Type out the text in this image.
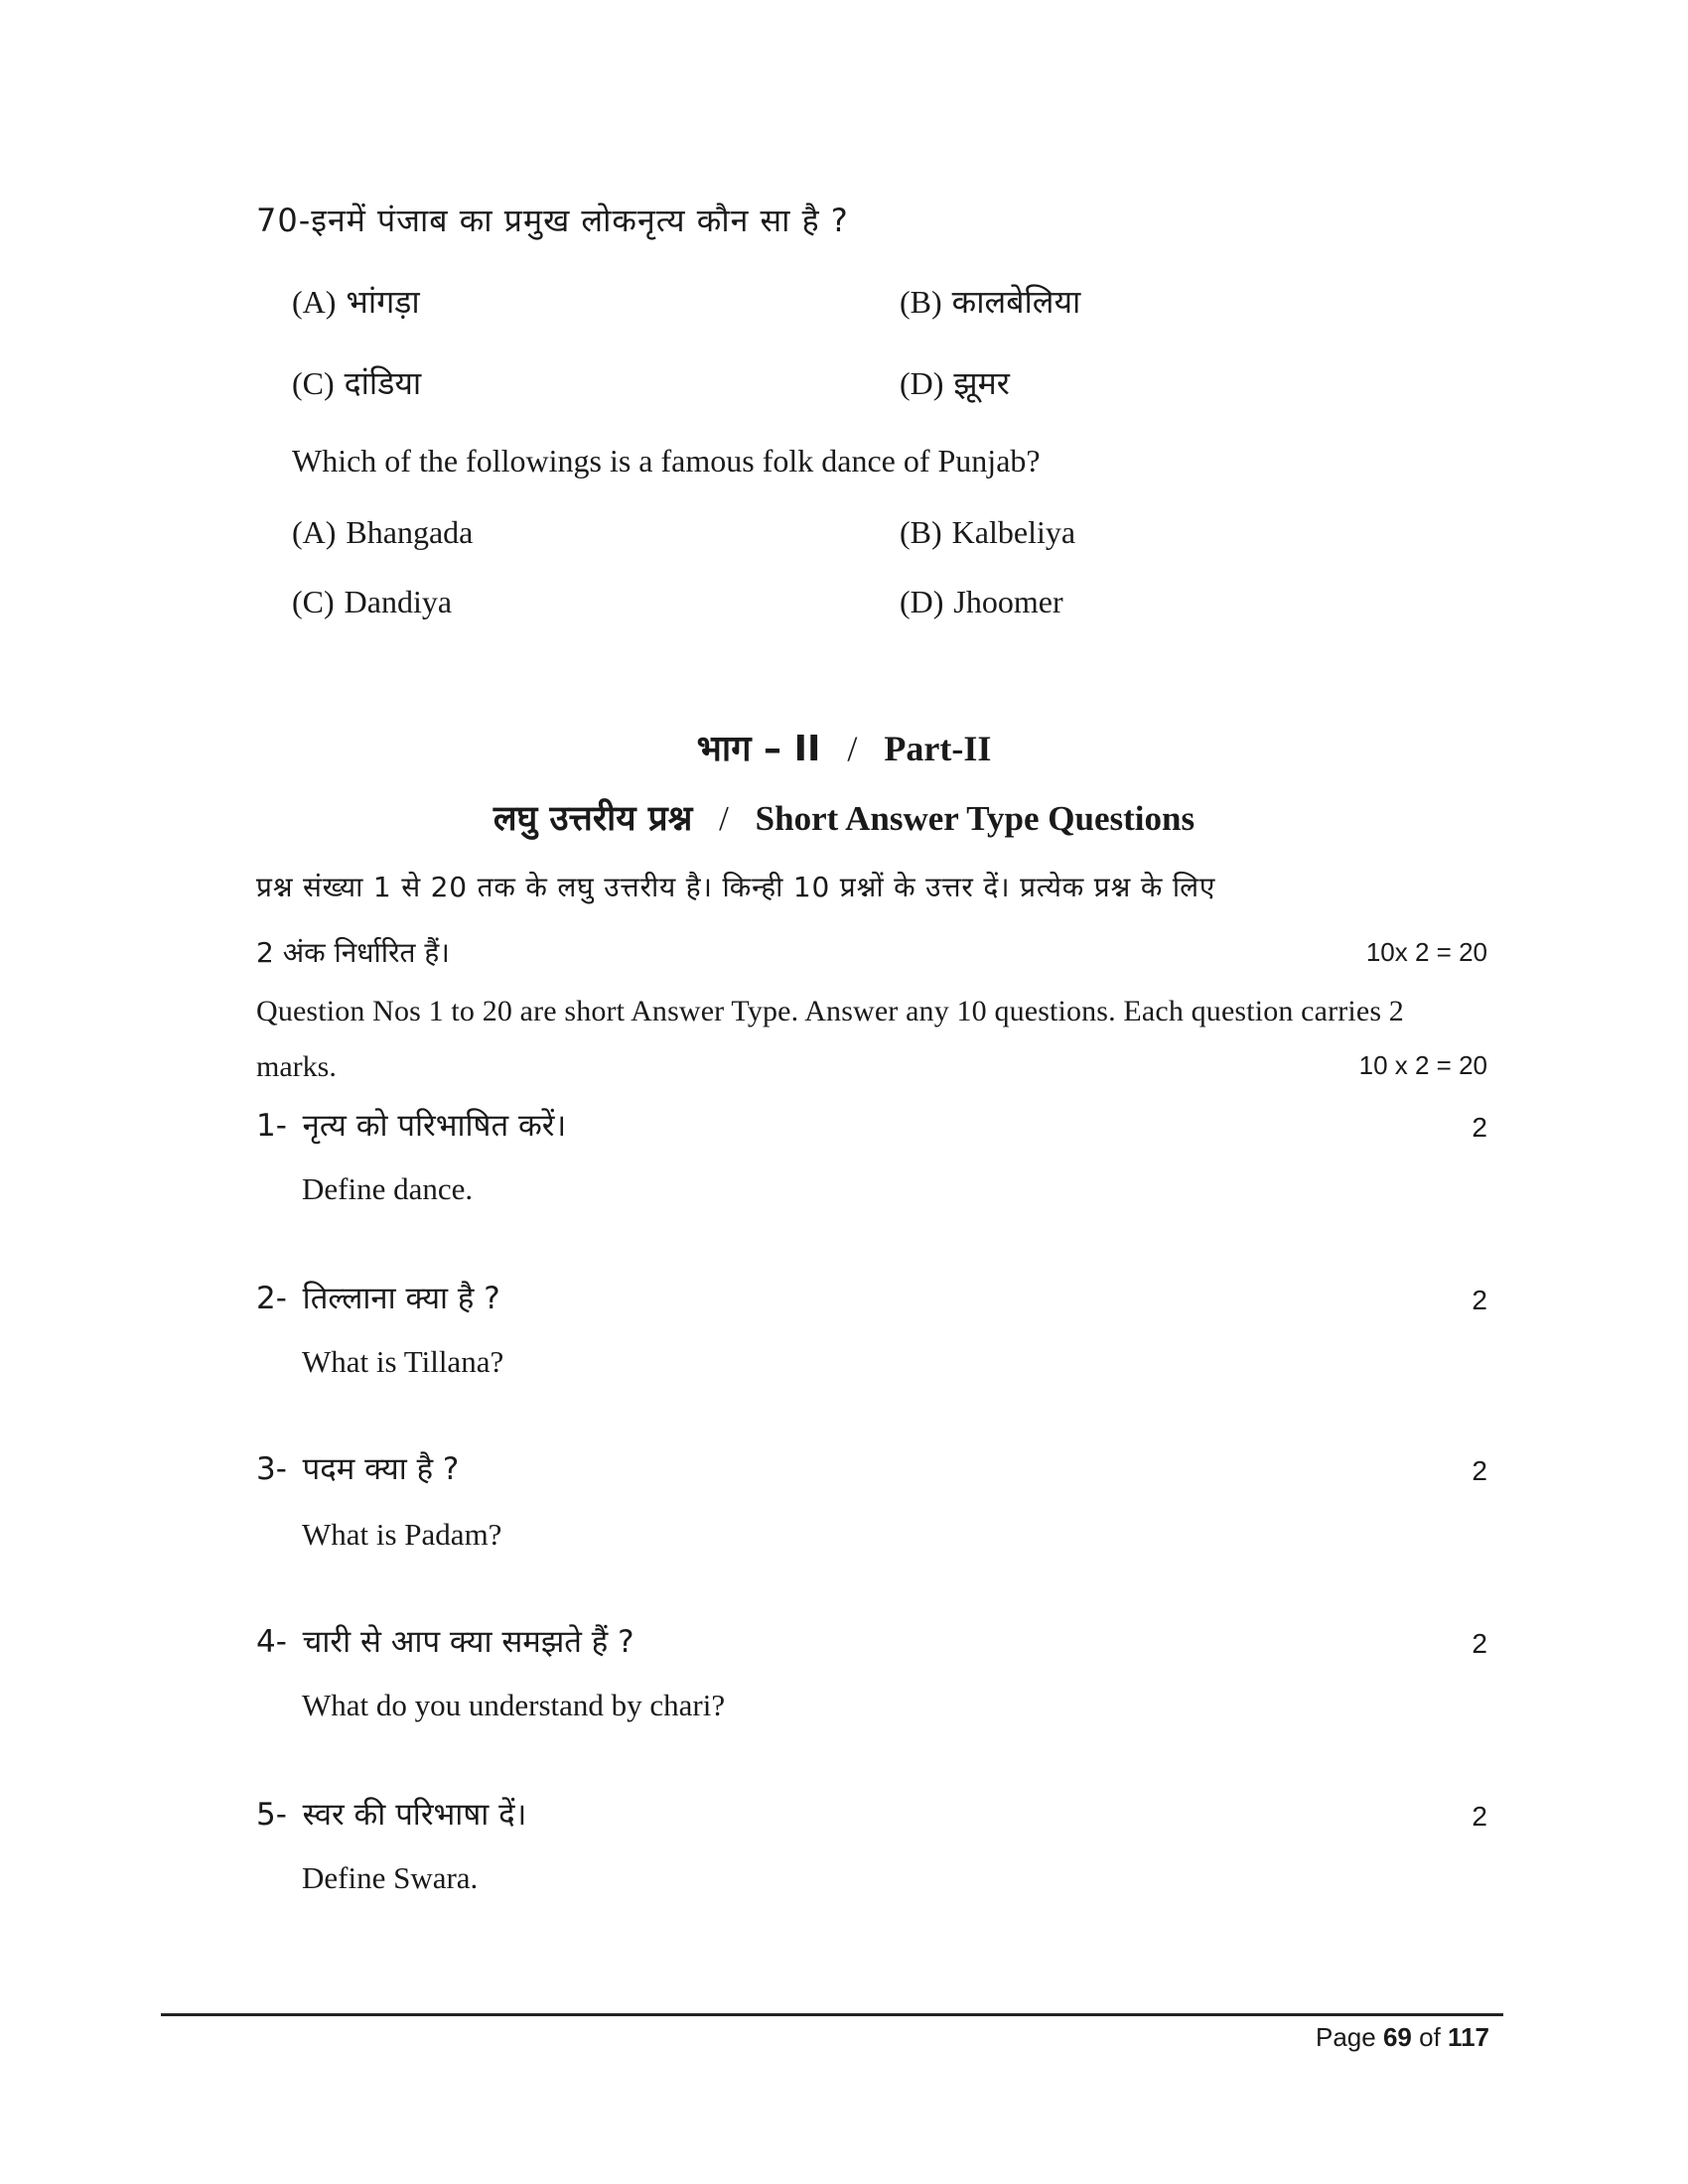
70-इनमें पंजाब का प्रमुख लोकनृत्य कौन सा है ?
(A) भांगड़ा	(B) कालबेलिया
(C) दांडिया	(D) झूमर
Which of the followings is a famous folk dance of Punjab?
(A) Bhangada	(B) Kalbeliya
(C) Dandiya	(D) Jhoomer
भाग – II / Part-II
लघु उत्तरीय प्रश्न / Short Answer Type Questions
प्रश्न संख्या 1 से 20 तक के लघु उत्तरीय है। किन्ही 10 प्रश्नों के उत्तर दें। प्रत्येक प्रश्न के लिए
2 अंक निर्धारित हैं।	10x 2 = 20
Question Nos 1 to 20 are short Answer Type. Answer any 10 questions. Each question carries 2
marks.	10 x 2 = 20
1- नृत्य को परिभाषित करें।	2
Define dance.
2- तिल्लाना क्या है ?	2
What is Tillana?
3- पदम क्या है ?	2
What is Padam?
4- चारी से आप क्या समझते हैं ?	2
What do you understand by chari?
5- स्वर की परिभाषा दें।	2
Define Swara.
Page 69 of 117
